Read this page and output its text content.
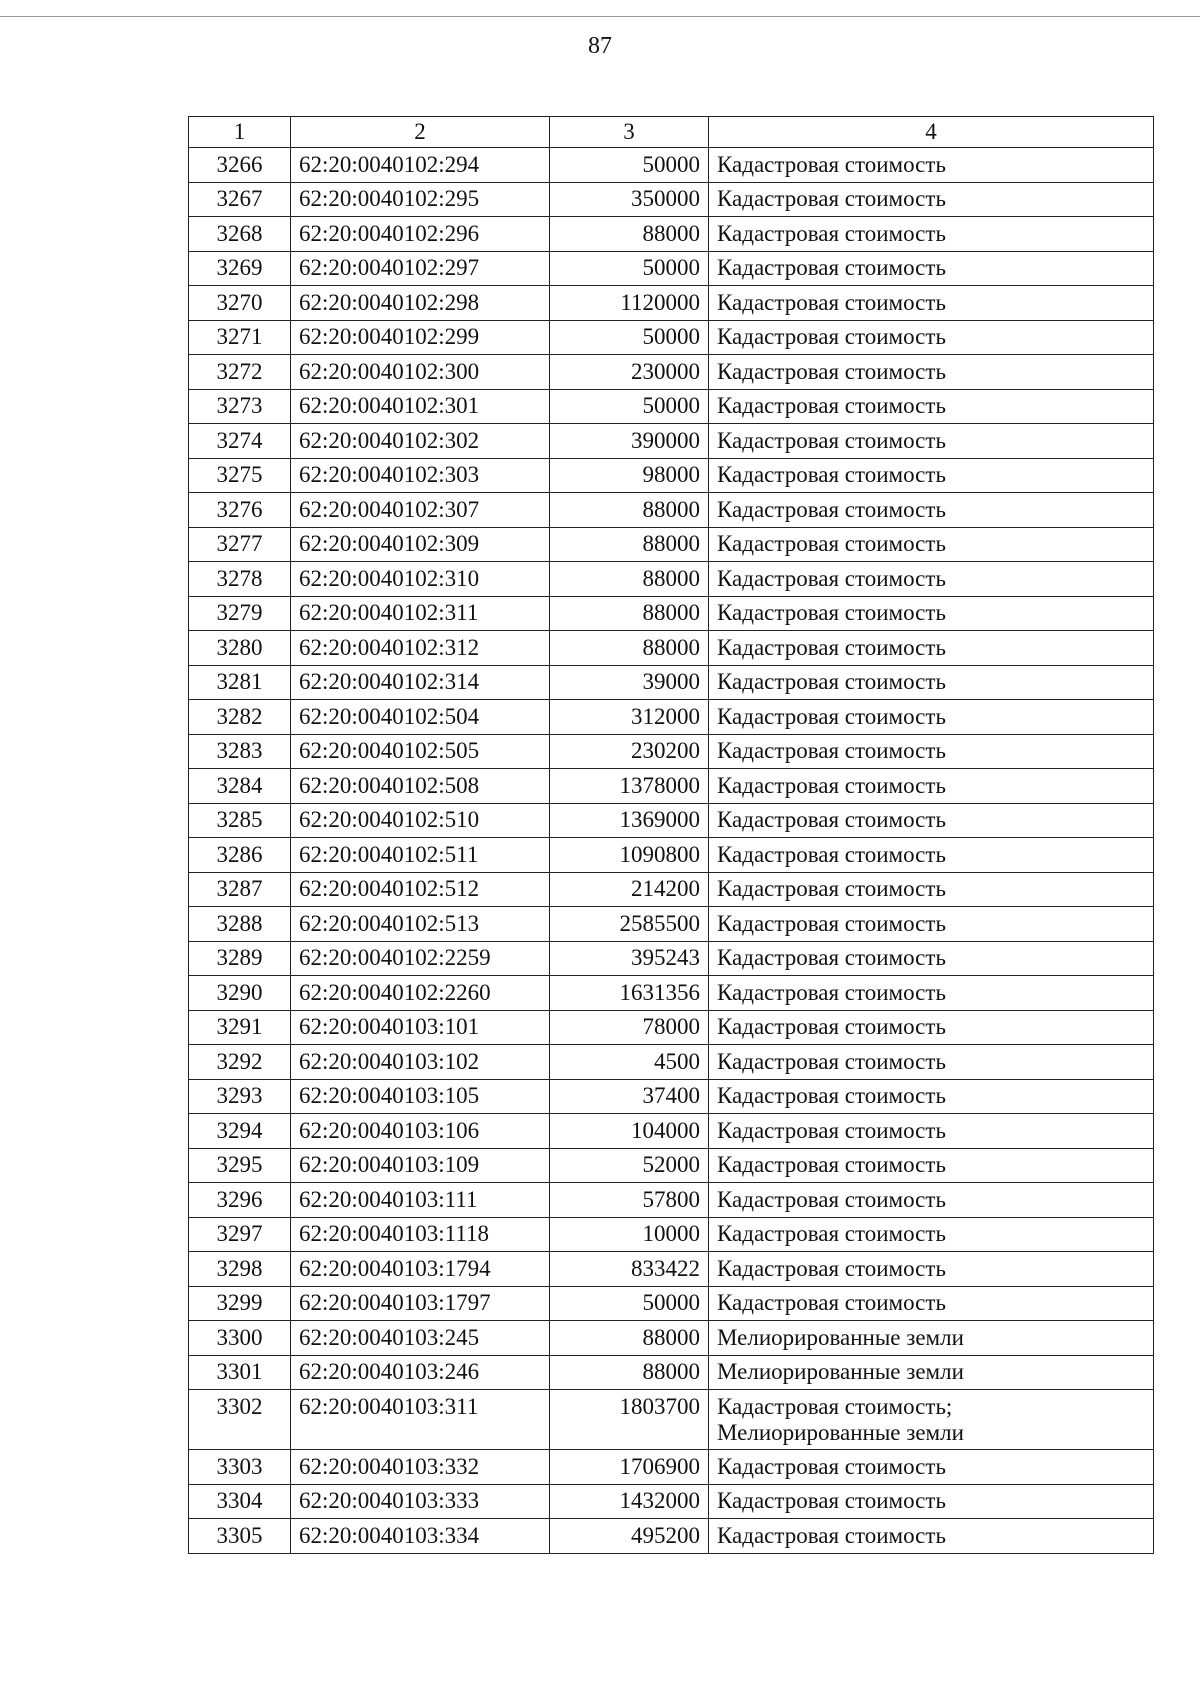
87
1	2	3	4
3266	62:20:0040102:294	50000	Кадастровая стоимость
3267	62:20:0040102:295	350000	Кадастровая стоимость
3268	62:20:0040102:296	88000	Кадастровая стоимость
3269	62:20:0040102:297	50000	Кадастровая стоимость
3270	62:20:0040102:298	1120000	Кадастровая стоимость
3271	62:20:0040102:299	50000	Кадастровая стоимость
3272	62:20:0040102:300	230000	Кадастровая стоимость
3273	62:20:0040102:301	50000	Кадастровая стоимость
3274	62:20:0040102:302	390000	Кадастровая стоимость
3275	62:20:0040102:303	98000	Кадастровая стоимость
3276	62:20:0040102:307	88000	Кадастровая стоимость
3277	62:20:0040102:309	88000	Кадастровая стоимость
3278	62:20:0040102:310	88000	Кадастровая стоимость
3279	62:20:0040102:311	88000	Кадастровая стоимость
3280	62:20:0040102:312	88000	Кадастровая стоимость
3281	62:20:0040102:314	39000	Кадастровая стоимость
3282	62:20:0040102:504	312000	Кадастровая стоимость
3283	62:20:0040102:505	230200	Кадастровая стоимость
3284	62:20:0040102:508	1378000	Кадастровая стоимость
3285	62:20:0040102:510	1369000	Кадастровая стоимость
3286	62:20:0040102:511	1090800	Кадастровая стоимость
3287	62:20:0040102:512	214200	Кадастровая стоимость
3288	62:20:0040102:513	2585500	Кадастровая стоимость
3289	62:20:0040102:2259	395243	Кадастровая стоимость
3290	62:20:0040102:2260	1631356	Кадастровая стоимость
3291	62:20:0040103:101	78000	Кадастровая стоимость
3292	62:20:0040103:102	4500	Кадастровая стоимость
3293	62:20:0040103:105	37400	Кадастровая стоимость
3294	62:20:0040103:106	104000	Кадастровая стоимость
3295	62:20:0040103:109	52000	Кадастровая стоимость
3296	62:20:0040103:111	57800	Кадастровая стоимость
3297	62:20:0040103:1118	10000	Кадастровая стоимость
3298	62:20:0040103:1794	833422	Кадастровая стоимость
3299	62:20:0040103:1797	50000	Кадастровая стоимость
3300	62:20:0040103:245	88000	Мелиорированные земли
3301	62:20:0040103:246	88000	Мелиорированные земли
3302	62:20:0040103:311	1803700	Кадастровая стоимость;
Мелиорированные земли
3303	62:20:0040103:332	1706900	Кадастровая стоимость
3304	62:20:0040103:333	1432000	Кадастровая стоимость
3305	62:20:0040103:334	495200	Кадастровая стоимость
